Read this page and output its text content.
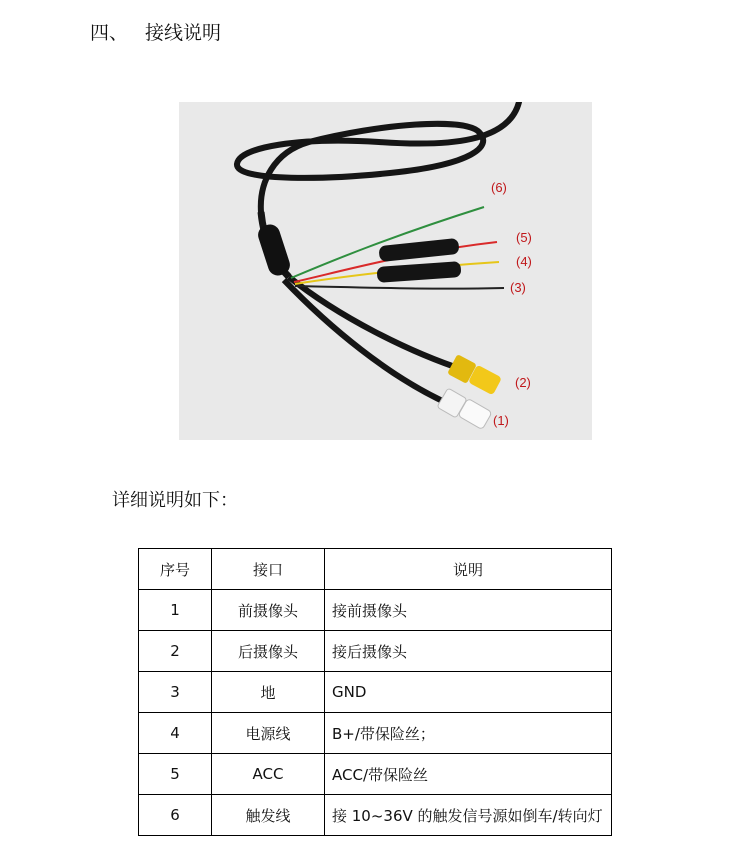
四、 接线说明
(6)
(5)
(4)
(3)
(2)
(1)
详细说明如下：
序号	接口	说明
1	前摄像头	接前摄像头
2	后摄像头	接后摄像头
3	地	GND
4	电源线	B+/带保险丝；
5	ACC	ACC/带保险丝
6	触发线	接 10~36V 的触发信号源如倒车/转向灯
